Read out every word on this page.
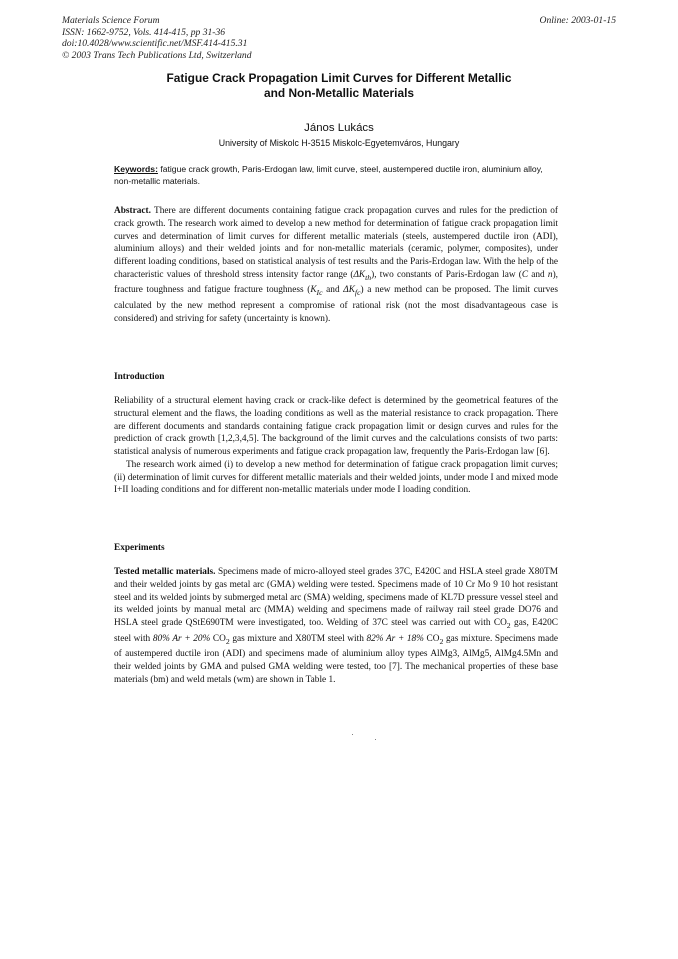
Materials Science Forum
ISSN: 1662-9752, Vols. 414-415, pp 31-36
doi:10.4028/www.scientific.net/MSF.414-415.31
© 2003 Trans Tech Publications Ltd, Switzerland
Online: 2003-01-15
Fatigue Crack Propagation Limit Curves for Different Metallic
and Non-Metallic Materials
János Lukács
University of Miskolc H-3515 Miskolc-Egyetemváros, Hungary
Keywords: fatigue crack growth, Paris-Erdogan law, limit curve, steel, austempered ductile iron, aluminium alloy, non-metallic materials.

Abstract. There are different documents containing fatigue crack propagation curves and rules for the prediction of crack growth. The research work aimed to develop a new method for determination of fatigue crack propagation limit curves and determination of limit curves for different metallic materials (steels, austempered ductile iron (ADI), aluminium alloys) and their welded joints and for non-metallic materials (ceramic, polymer, composites), under different loading conditions, based on statistical analysis of test results and the Paris-Erdogan law. With the help of the characteristic values of threshold stress intensity factor range $(\Delta K_{th})$, two constants of Paris-Erdogan law (C and n), fracture toughness and fatigue fracture toughness ($K_{Ic}$ and $\Delta K_{fc}$) a new method can be proposed. The limit curves calculated by the new method represent a compromise of rational risk (not the most disadvantageous case is considered) and striving for safety (uncertainty is known).

Introduction

Reliability of a structural element having crack or crack-like defect is determined by the geometrical features of the structural element and the flaws, the loading conditions as well as the material resistance to crack propagation. There are different documents and standards containing fatigue crack propagation limit or design curves and rules for the prediction of crack growth [1,2,3,4,5]. The background of the limit curves and the calculations consists of two parts: statistical analysis of numerous experiments and fatigue crack propagation law, frequently the Paris-Erdogan law [6].

The research work aimed (i) to develop a new method for determination of fatigue crack propagation limit curves; (ii) determination of limit curves for different metallic materials and their welded joints, under mode I and mixed mode I+II loading conditions and for different non-metallic materials under mode I loading condition.

Experiments

Tested metallic materials. Specimens made of micro-alloyed steel grades 37C, E420C and HSLA steel grade X80TM and their welded joints by gas metal arc (GMA) welding were tested. Specimens made of 10 Cr Mo 9 10 hot resistant steel and its welded joints by submerged metal arc (SMA) welding, specimens made of KL7D pressure vessel steel and its welded joints by manual metal arc (MMA) welding and specimens made of railway rail steel grade DO76 and HSLA steel grade QStE690TM were investigated, too. Welding of 37C steel was carried out with $CO_2$ gas, E420C steel with 80% Ar + 20% $CO_2$ gas mixture and X80TM steel with 82% Ar + 18% $CO_2$ gas mixture. Specimens made of austempered ductile iron (ADI) and specimens made of aluminium alloy types AlMg3, AlMg5, AlMg4.5Mn and their welded joints by GMA and pulsed GMA welding were tested, too [7]. The mechanical properties of these base materials (bm) and weld metals (wm) are shown in Table 1.
